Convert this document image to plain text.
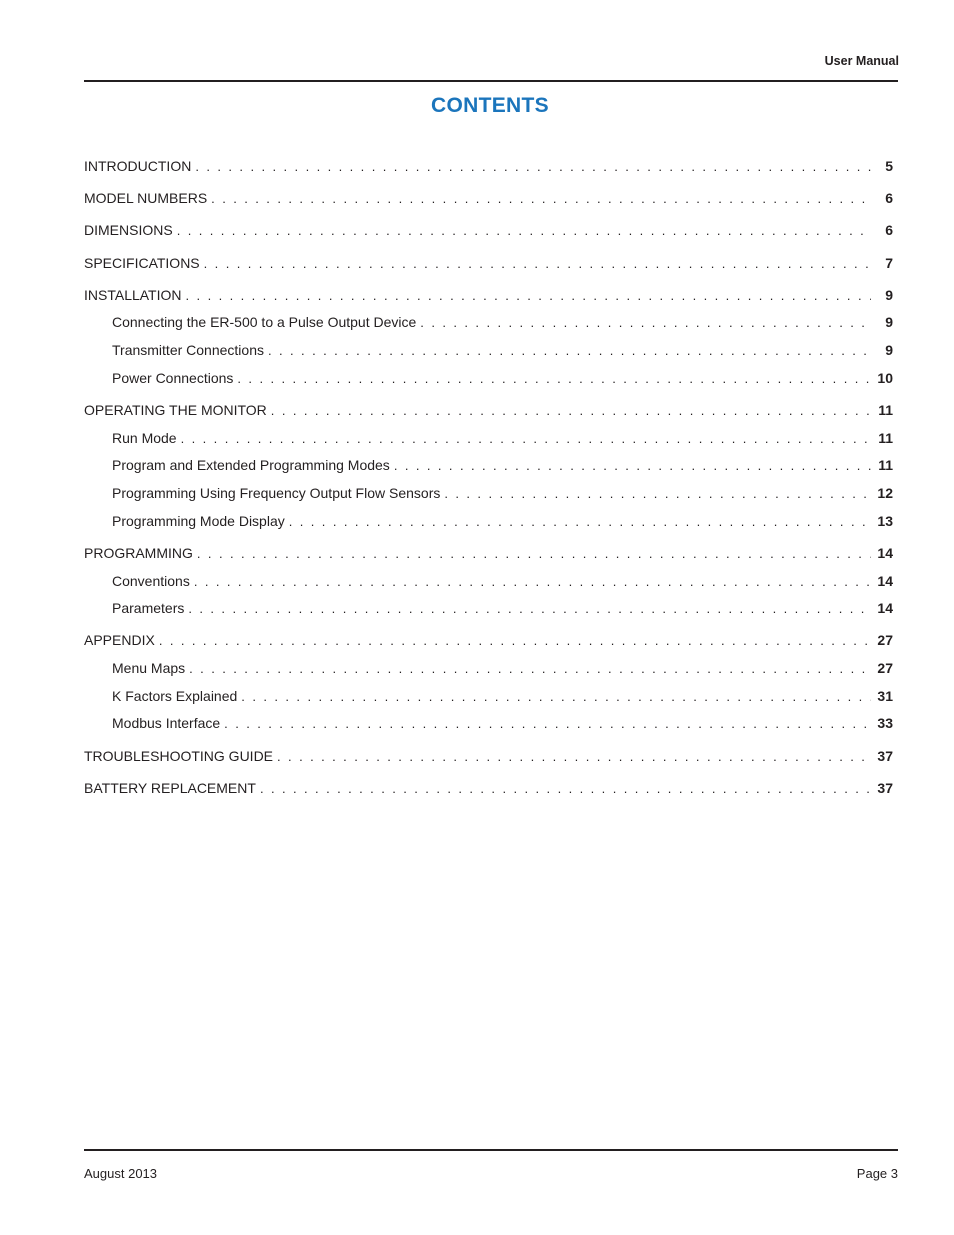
User Manual
CONTENTS
INTRODUCTION . . .	5
MODEL NUMBERS . . .	6
DIMENSIONS . . .	6
SPECIFICATIONS . . .	7
INSTALLATION . . .	9
Connecting the ER-500 to a Pulse Output Device . . .	9
Transmitter Connections . . .	9
Power Connections . . .	10
OPERATING THE MONITOR . . .	11
Run Mode . . .	11
Program and Extended Programming Modes . . .	11
Programming Using Frequency Output Flow Sensors . . .	12
Programming Mode Display . . .	13
PROGRAMMING . . .	14
Conventions . . .	14
Parameters . . .	14
APPENDIX . . .	27
Menu Maps . . .	27
K Factors Explained . . .	31
Modbus Interface . . .	33
TROUBLESHOOTING GUIDE . . .	37
BATTERY REPLACEMENT . . .	37
August 2013	Page 3
